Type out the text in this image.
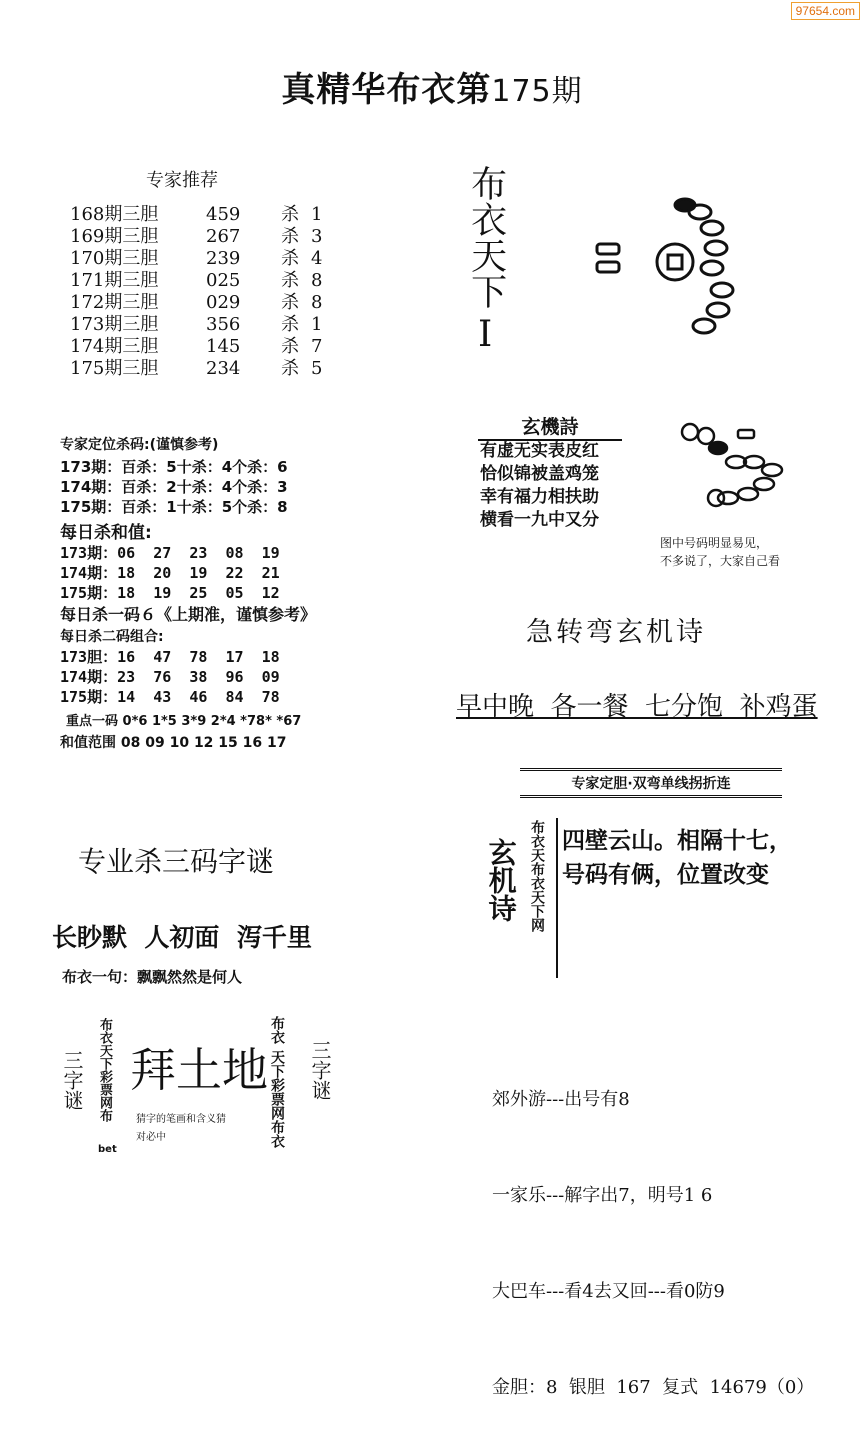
97654.com
真精华布衣第175期
专家推荐
168期三胆	459 杀 1
169期三胆	267 杀 3
170期三胆	239 杀 4
171期三胆	025 杀 8
172期三胆	029 杀 8
173期三胆	356 杀 1
174期三胆	145 杀 7
175期三胆	234 杀 5
专家定位杀码:(谨慎参考)
173期：百杀：5十杀：4个杀：6
174期：百杀：2十杀：4个杀：3
175期：百杀：1十杀：5个杀：8
每日杀和值:
173期：06  27  23  08  19
174期：18  20  19  22  21
175期：18  19  25  05  12
每日杀一码６《上期准，谨慎参考》
每日杀二码组合:
173胆：16  47  78  17  18
174期：23  76  38  96  09
175期：14  43  46  84  78
重点一码 0*6 1*5 3*9 2*4 *78* *67
和值范围 08 09 10 12 15 16 17
专业杀三码字谜
长眇默  人初面  泻千里
布衣一句：飘飘然然是何人
三字谜 布衣天下彩票网布
bet
拜土地
猜字的笔画和含义猜
对必中
布衣
天下彩票网布衣 三字谜
布衣天下
I
玄機詩
有虚无实表皮红
恰似锦被盖鸡笼
幸有福力相扶助
横看一九中又分
图中号码明显易见，
不多说了，大家自己看
急转弯玄机诗
早中晚  各一餐  七分饱  补鸡蛋
专家定胆·双弯单线拐折连
玄机诗 布衣天布衣天下网 四壁云山。相隔十七，
号码有俩，位置改变

郊外游---出号有8

一家乐---解字出7，明号1 6

大巴车---看4去又回---看0防9

金胆：8  银胆  167  复式  14679（0）
